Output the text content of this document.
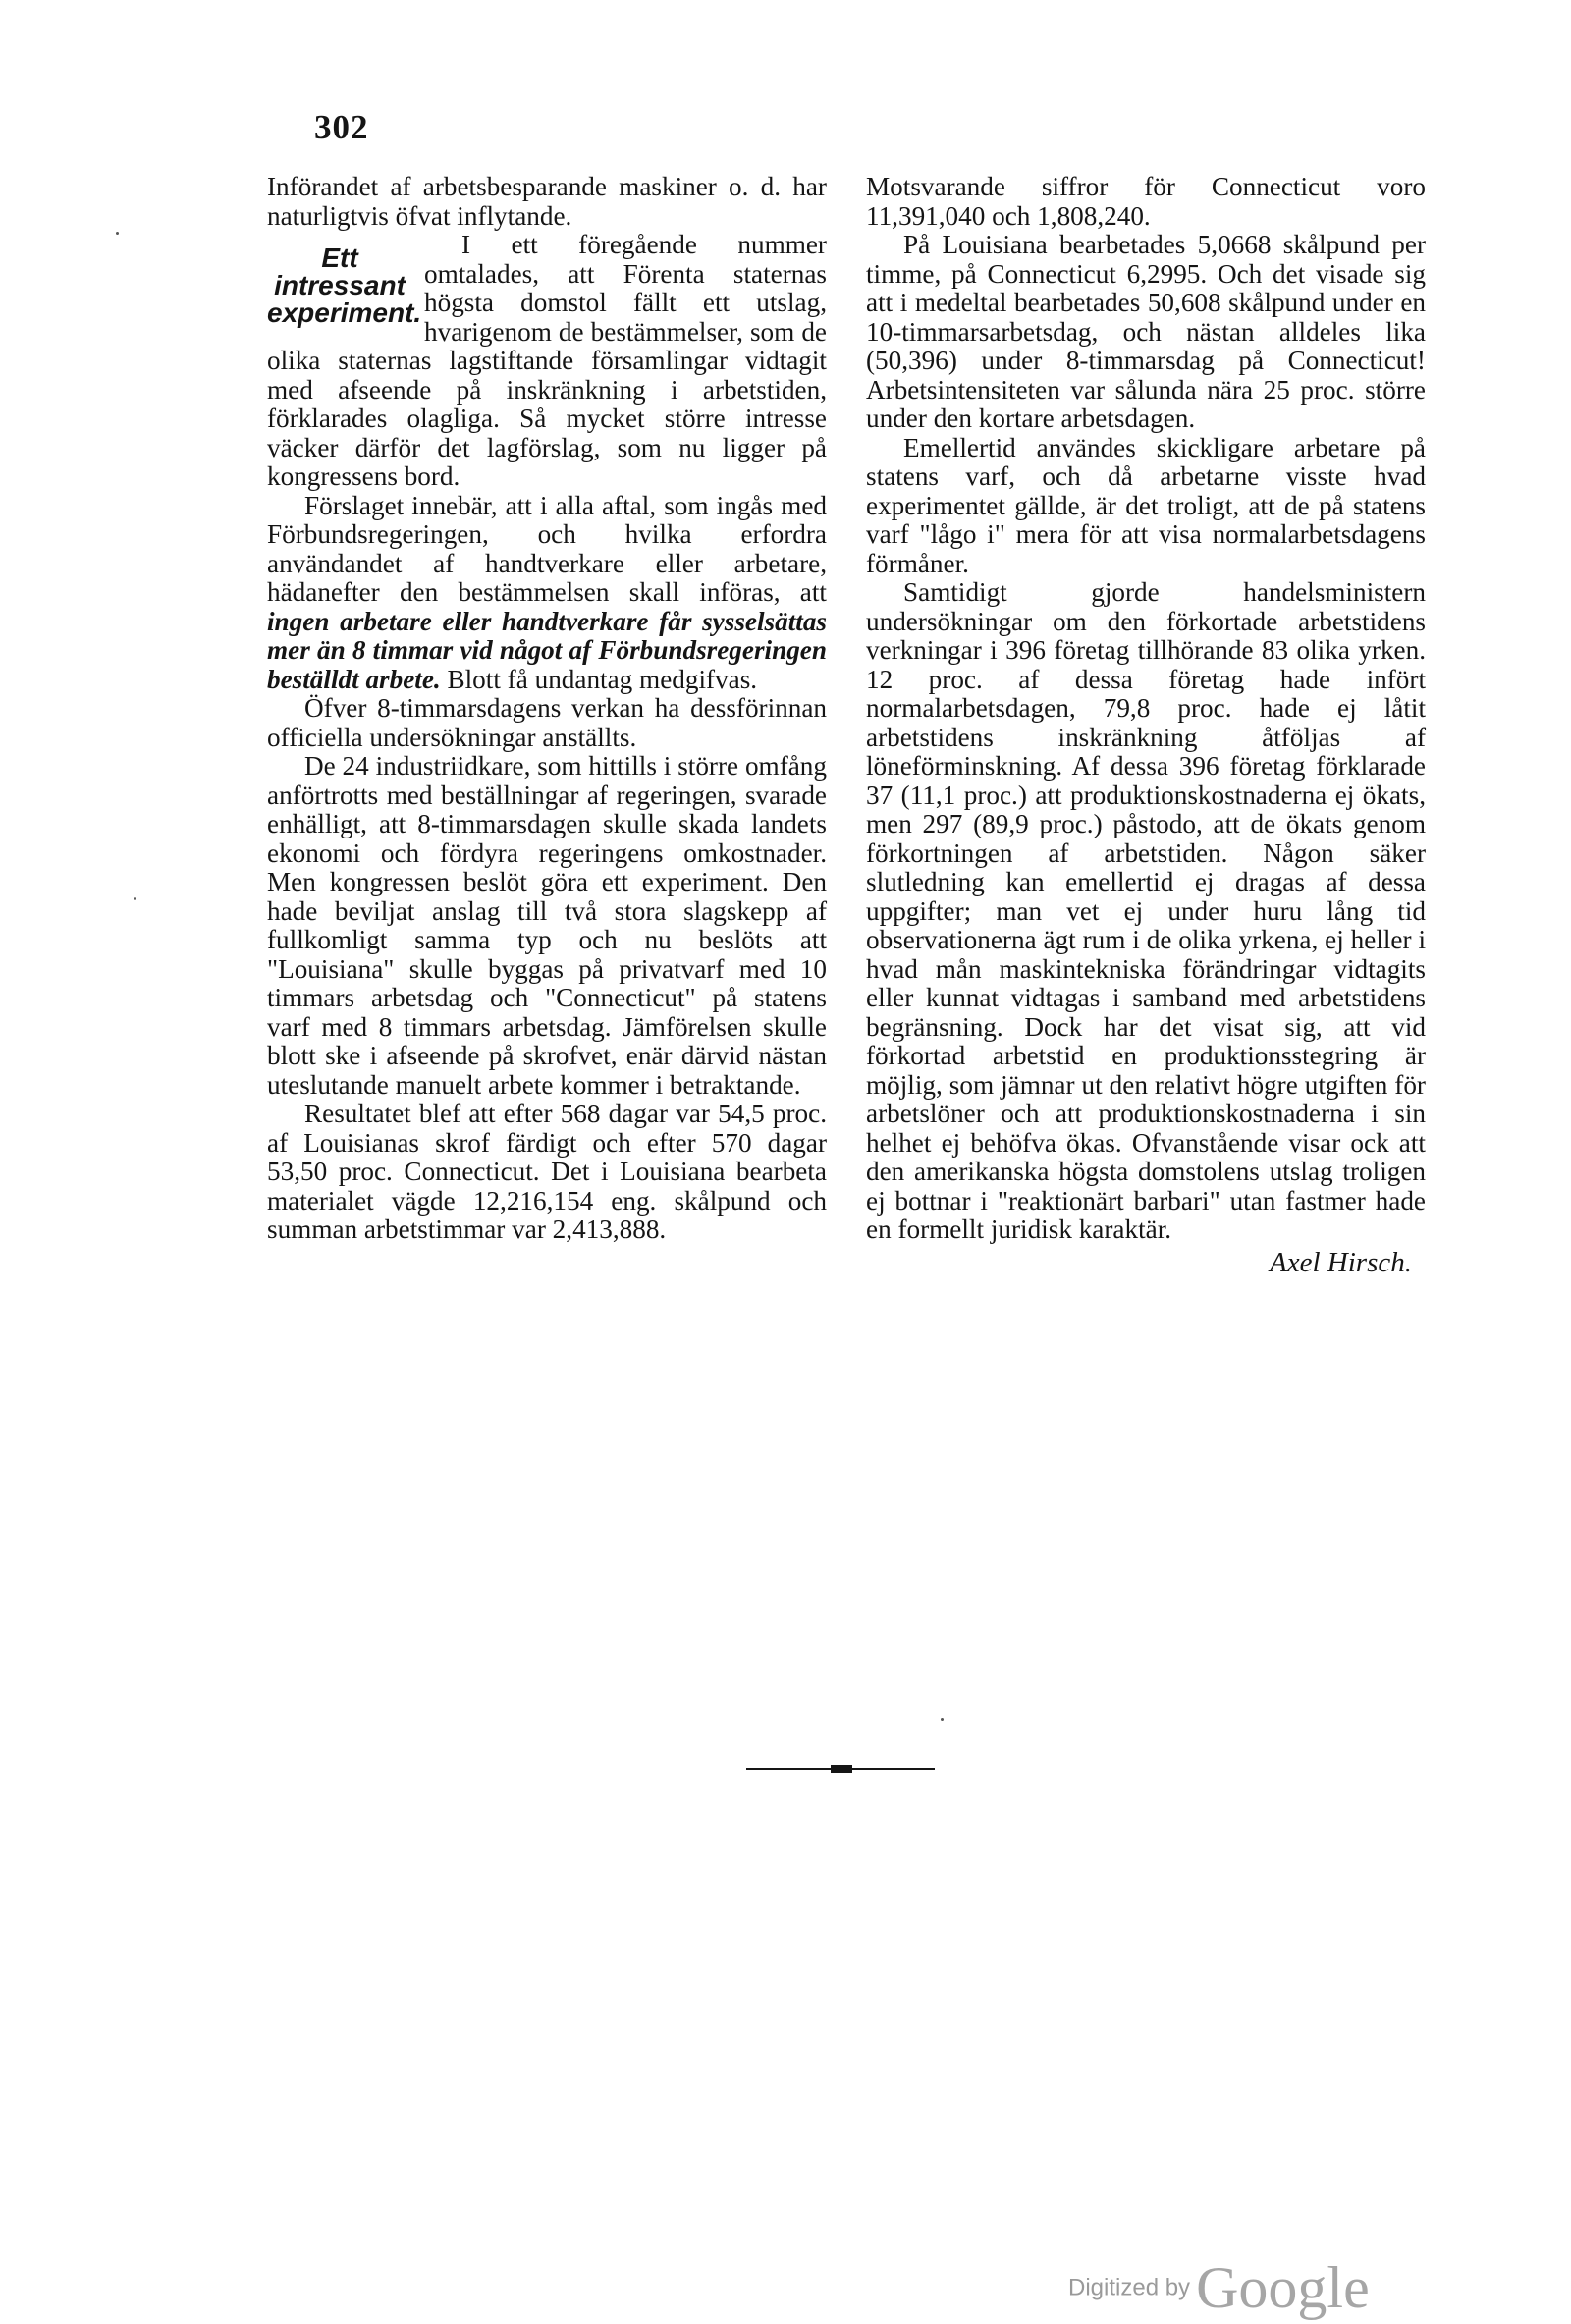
302

Införandet af arbetsbesparande maskiner o. d. har naturligtvis öfvat inflytande.

Ett intressant experiment.

I ett föregående nummer omtalades, att Förenta staternas högsta domstol fällt ett utslag, hvarigenom de bestämmelser, som de olika staternas lagstiftande församlingar vidtagit med afseende på inskränkning i arbetstiden, förklarades olagliga. Så mycket större intresse väcker därför det lagförslag, som nu ligger på kongressens bord.

Förslaget innebär, att i alla aftal, som ingås med Förbundsregeringen, och hvilka erfordra användandet af handtverkare eller arbetare, hädanefter den bestämmelsen skall införas, att ingen arbetare eller handtverkare får sysselsättas mer än 8 timmar vid något af Förbundsregeringen beställdt arbete. Blott få undantag medgifvas.

Öfver 8-timmarsdagens verkan ha dessförinnan officiella undersökningar anställts.

De 24 industriidkare, som hittills i större omfång anförtrotts med beställningar af regeringen, svarade enhälligt, att 8-timmarsdagen skulle skada landets ekonomi och fördyra regeringens omkostnader. Men kongressen beslöt göra ett experiment. Den hade beviljat anslag till två stora slagskepp af fullkomligt samma typ och nu beslöts att "Louisiana" skulle byggas på privatvarf med 10 timmars arbetsdag och "Connecticut" på statens varf med 8 timmars arbetsdag. Jämförelsen skulle blott ske i afseende på skrofvet, enär därvid nästan uteslutande manuelt arbete kommer i betraktande.

Resultatet blef att efter 568 dagar var 54,5 proc. af Louisianas skrof färdigt och efter 570 dagar 53,50 proc. Connecticut. Det i Louisiana bearbeta materialet vägde 12,216,154 eng. skålpund och summan arbetstimmar var 2,413,888.

Motsvarande siffror för Connecticut voro 11,391,040 och 1,808,240.

På Louisiana bearbetades 5,0668 skålpund per timme, på Connecticut 6,2995. Och det visade sig att i medeltal bearbetades 50,608 skålpund under en 10-timmarsarbetsdag, och nästan alldeles lika (50,396) under 8-timmarsdag på Connecticut! Arbetsintensiteten var sålunda nära 25 proc. större under den kortare arbetsdagen.

Emellertid användes skickligare arbetare på statens varf, och då arbetarne visste hvad experimentet gällde, är det troligt, att de på statens varf "lågo i" mera för att visa normalarbetsdagens förmåner.

Samtidigt gjorde handelsministern undersökningar om den förkortade arbetstidens verkningar i 396 företag tillhörande 83 olika yrken. 12 proc. af dessa företag hade infört normalarbetsdagen, 79,8 proc. hade ej låtit arbetstidens inskränkning åtföljas af löneförminskning. Af dessa 396 företag förklarade 37 (11,1 proc.) att produktionskostnaderna ej ökats, men 297 (89,9 proc.) påstodo, att de ökats genom förkortningen af arbetstiden. Någon säker slutledning kan emellertid ej dragas af dessa uppgifter; man vet ej under huru lång tid observationerna ägt rum i de olika yrkena, ej heller i hvad mån maskintekniska förändringar vidtagits eller kunnat vidtagas i samband med arbetstidens begränsning. Dock har det visat sig, att vid förkortad arbetstid en produktionsstegring är möjlig, som jämnar ut den relativt högre utgiften för arbetslöner och att produktionskostnaderna i sin helhet ej behöfva ökas. Ofvanstående visar ock att den amerikanska högsta domstolens utslag troligen ej bottnar i "reaktionärt barbari" utan fastmer hade en formellt juridisk karaktär.

Axel Hirsch.
Digitized by Google
